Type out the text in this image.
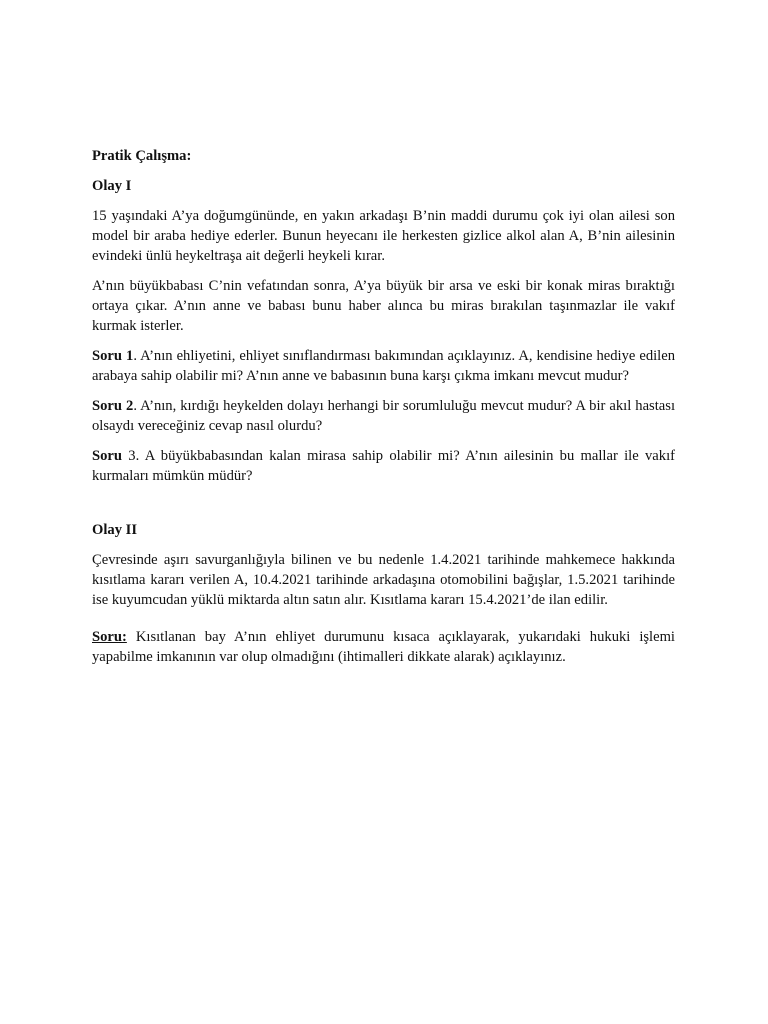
Pratik Çalışma:

Olay I

15 yaşındaki A’ya doğumgününde, en yakın arkadaşı B’nin maddi durumu çok iyi olan ailesi son model bir araba hediye ederler. Bunun heyecanı ile herkesten gizlice alkol alan A, B’nin ailesinin evindeki ünlü heykeltraşa ait değerli heykeli kırar.

A’nın büyükbabası C’nin vefatından sonra, A’ya büyük bir arsa ve eski bir konak miras bıraktığı ortaya çıkar. A’nın anne ve babası bunu haber alınca bu miras bırakılan taşınmazlar ile vakıf kurmak isterler.

Soru 1. A’nın ehliyetini, ehliyet sınıflandırması bakımından açıklayınız. A, kendisine hediye edilen arabaya sahip olabilir mi? A’nın anne ve babasının buna karşı çıkma imkanı mevcut mudur?

Soru 2. A’nın, kırdığı heykelden dolayı herhangi bir sorumluluğu mevcut mudur? A bir akıl hastası olsaydı vereceğiniz cevap nasıl olurdu?

Soru 3. A büyükbabasından kalan mirasa sahip olabilir mi? A’nın ailesinin bu mallar ile vakıf kurmaları mümkün müdür?

Olay II

Çevresinde aşırı savurganlığıyla bilinen ve bu nedenle 1.4.2021 tarihinde mahkemece hakkında kısıtlama kararı verilen A, 10.4.2021 tarihinde arkadaşına otomobilini bağışlar, 1.5.2021 tarihinde ise kuyumcudan yüklü miktarda altın satın alır. Kısıtlama kararı 15.4.2021’de ilan edilir.

Soru: Kısıtlanan bay A’nın ehliyet durumunu kısaca açıklayarak, yukarıdaki hukuki işlemi yapabilme imkanının var olup olmadığını (ihtimalleri dikkate alarak) açıklayınız.
